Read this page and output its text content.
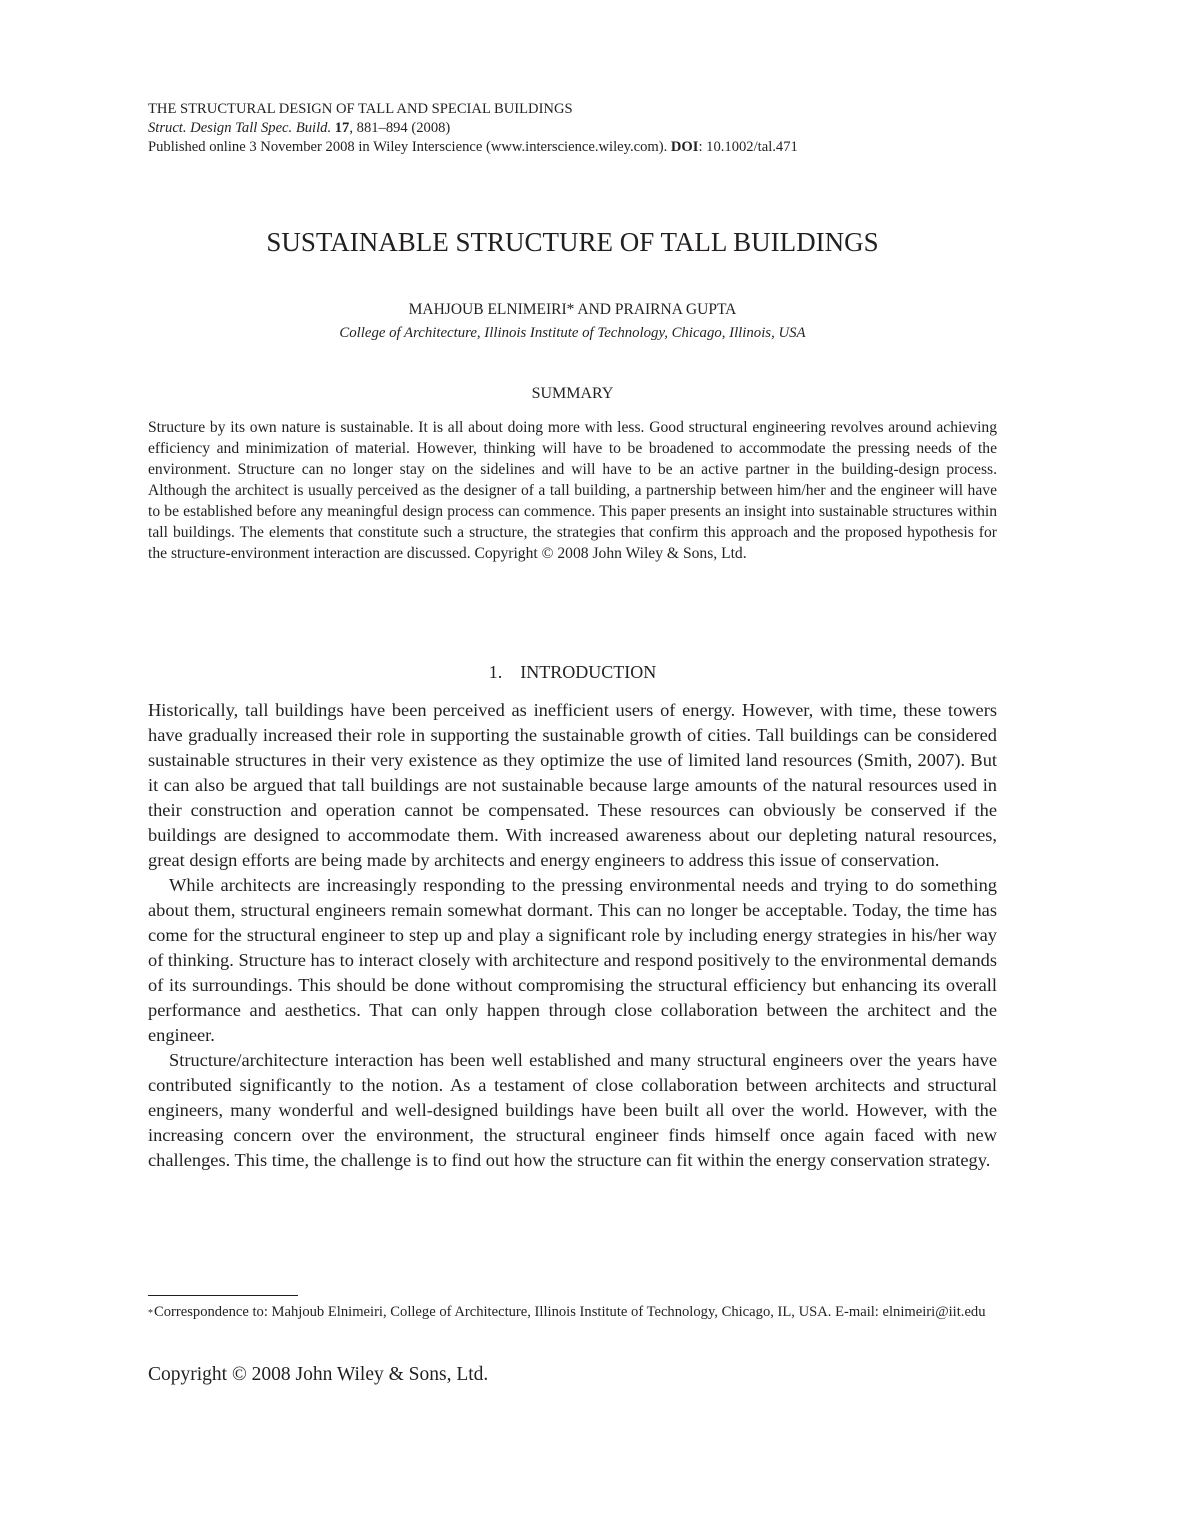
THE STRUCTURAL DESIGN OF TALL AND SPECIAL BUILDINGS
Struct. Design Tall Spec. Build. 17, 881–894 (2008)
Published online 3 November 2008 in Wiley Interscience (www.interscience.wiley.com). DOI: 10.1002/tal.471
SUSTAINABLE STRUCTURE OF TALL BUILDINGS
MAHJOUB ELNIMEIRI* AND PRAIRNA GUPTA
College of Architecture, Illinois Institute of Technology, Chicago, Illinois, USA
SUMMARY

Structure by its own nature is sustainable. It is all about doing more with less. Good structural engineering revolves around achieving efficiency and minimization of material. However, thinking will have to be broadened to accommodate the pressing needs of the environment. Structure can no longer stay on the sidelines and will have to be an active partner in the building-design process. Although the architect is usually perceived as the designer of a tall building, a partnership between him/her and the engineer will have to be established before any meaningful design process can commence. This paper presents an insight into sustainable structures within tall buildings. The elements that constitute such a structure, the strategies that confirm this approach and the proposed hypothesis for the structure-environment interaction are discussed. Copyright © 2008 John Wiley & Sons, Ltd.

1. INTRODUCTION

Historically, tall buildings have been perceived as inefficient users of energy. However, with time, these towers have gradually increased their role in supporting the sustainable growth of cities. Tall buildings can be considered sustainable structures in their very existence as they optimize the use of limited land resources (Smith, 2007). But it can also be argued that tall buildings are not sustainable because large amounts of the natural resources used in their construction and operation cannot be compensated. These resources can obviously be conserved if the buildings are designed to accommodate them. With increased awareness about our depleting natural resources, great design efforts are being made by architects and energy engineers to address this issue of conservation.

While architects are increasingly responding to the pressing environmental needs and trying to do something about them, structural engineers remain somewhat dormant. This can no longer be acceptable. Today, the time has come for the structural engineer to step up and play a significant role by including energy strategies in his/her way of thinking. Structure has to interact closely with architecture and respond positively to the environmental demands of its surroundings. This should be done without compromising the structural efficiency but enhancing its overall performance and aesthetics. That can only happen through close collaboration between the architect and the engineer.

Structure/architecture interaction has been well established and many structural engineers over the years have contributed significantly to the notion. As a testament of close collaboration between architects and structural engineers, many wonderful and well-designed buildings have been built all over the world. However, with the increasing concern over the environment, the structural engineer finds himself once again faced with new challenges. This time, the challenge is to find out how the structure can fit within the energy conservation strategy.

*Correspondence to: Mahjoub Elnimeiri, College of Architecture, Illinois Institute of Technology, Chicago, IL, USA. E-mail: elnimeiri@iit.edu

Copyright © 2008 John Wiley & Sons, Ltd.
